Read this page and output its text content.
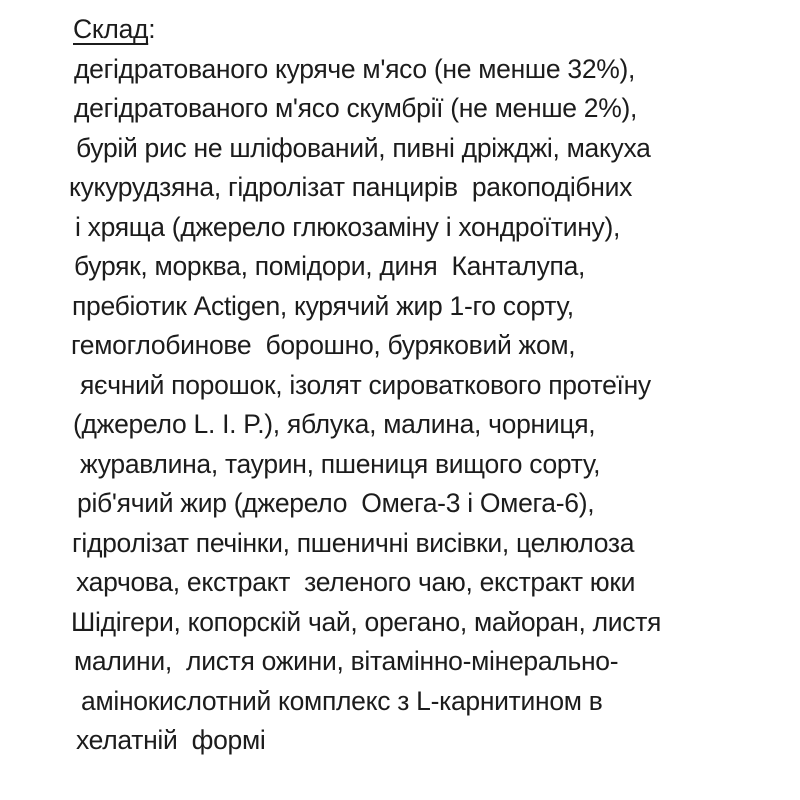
Склад:
дегідратованого куряче м'ясо (не менше 32%),
дегідратованого м'ясо скумбрії (не менше 2%),
бурій рис не шліфований, пивні дріжджі, макуха
кукурудзяна, гідролізат панцирів  ракоподібних
і хряща (джерело глюкозаміну і хондроїтину),
буряк, морква, помідори, диня  Канталупа,
пребіотик Actigen, курячий жир 1-го сорту,
гемоглобинове  борошно, буряковий жом,
яєчний порошок, ізолят сироваткового протеїну
(джерело L. I. P.), яблука, малина, чорниця,
журавлина, таурин, пшениця вищого сорту,
ріб'ячий жир (джерело  Омега-3 і Омега-6),
гідролізат печінки, пшеничні висівки, целюлоза
харчова, екстракт  зеленого чаю, екстракт юки
Шідігери, копорскій чай, орегано, майоран, листя
малини,  листя ожини, вітамінно-мінерально-
амінокислотний комплекс з L-карнитином в
хелатній  формі
